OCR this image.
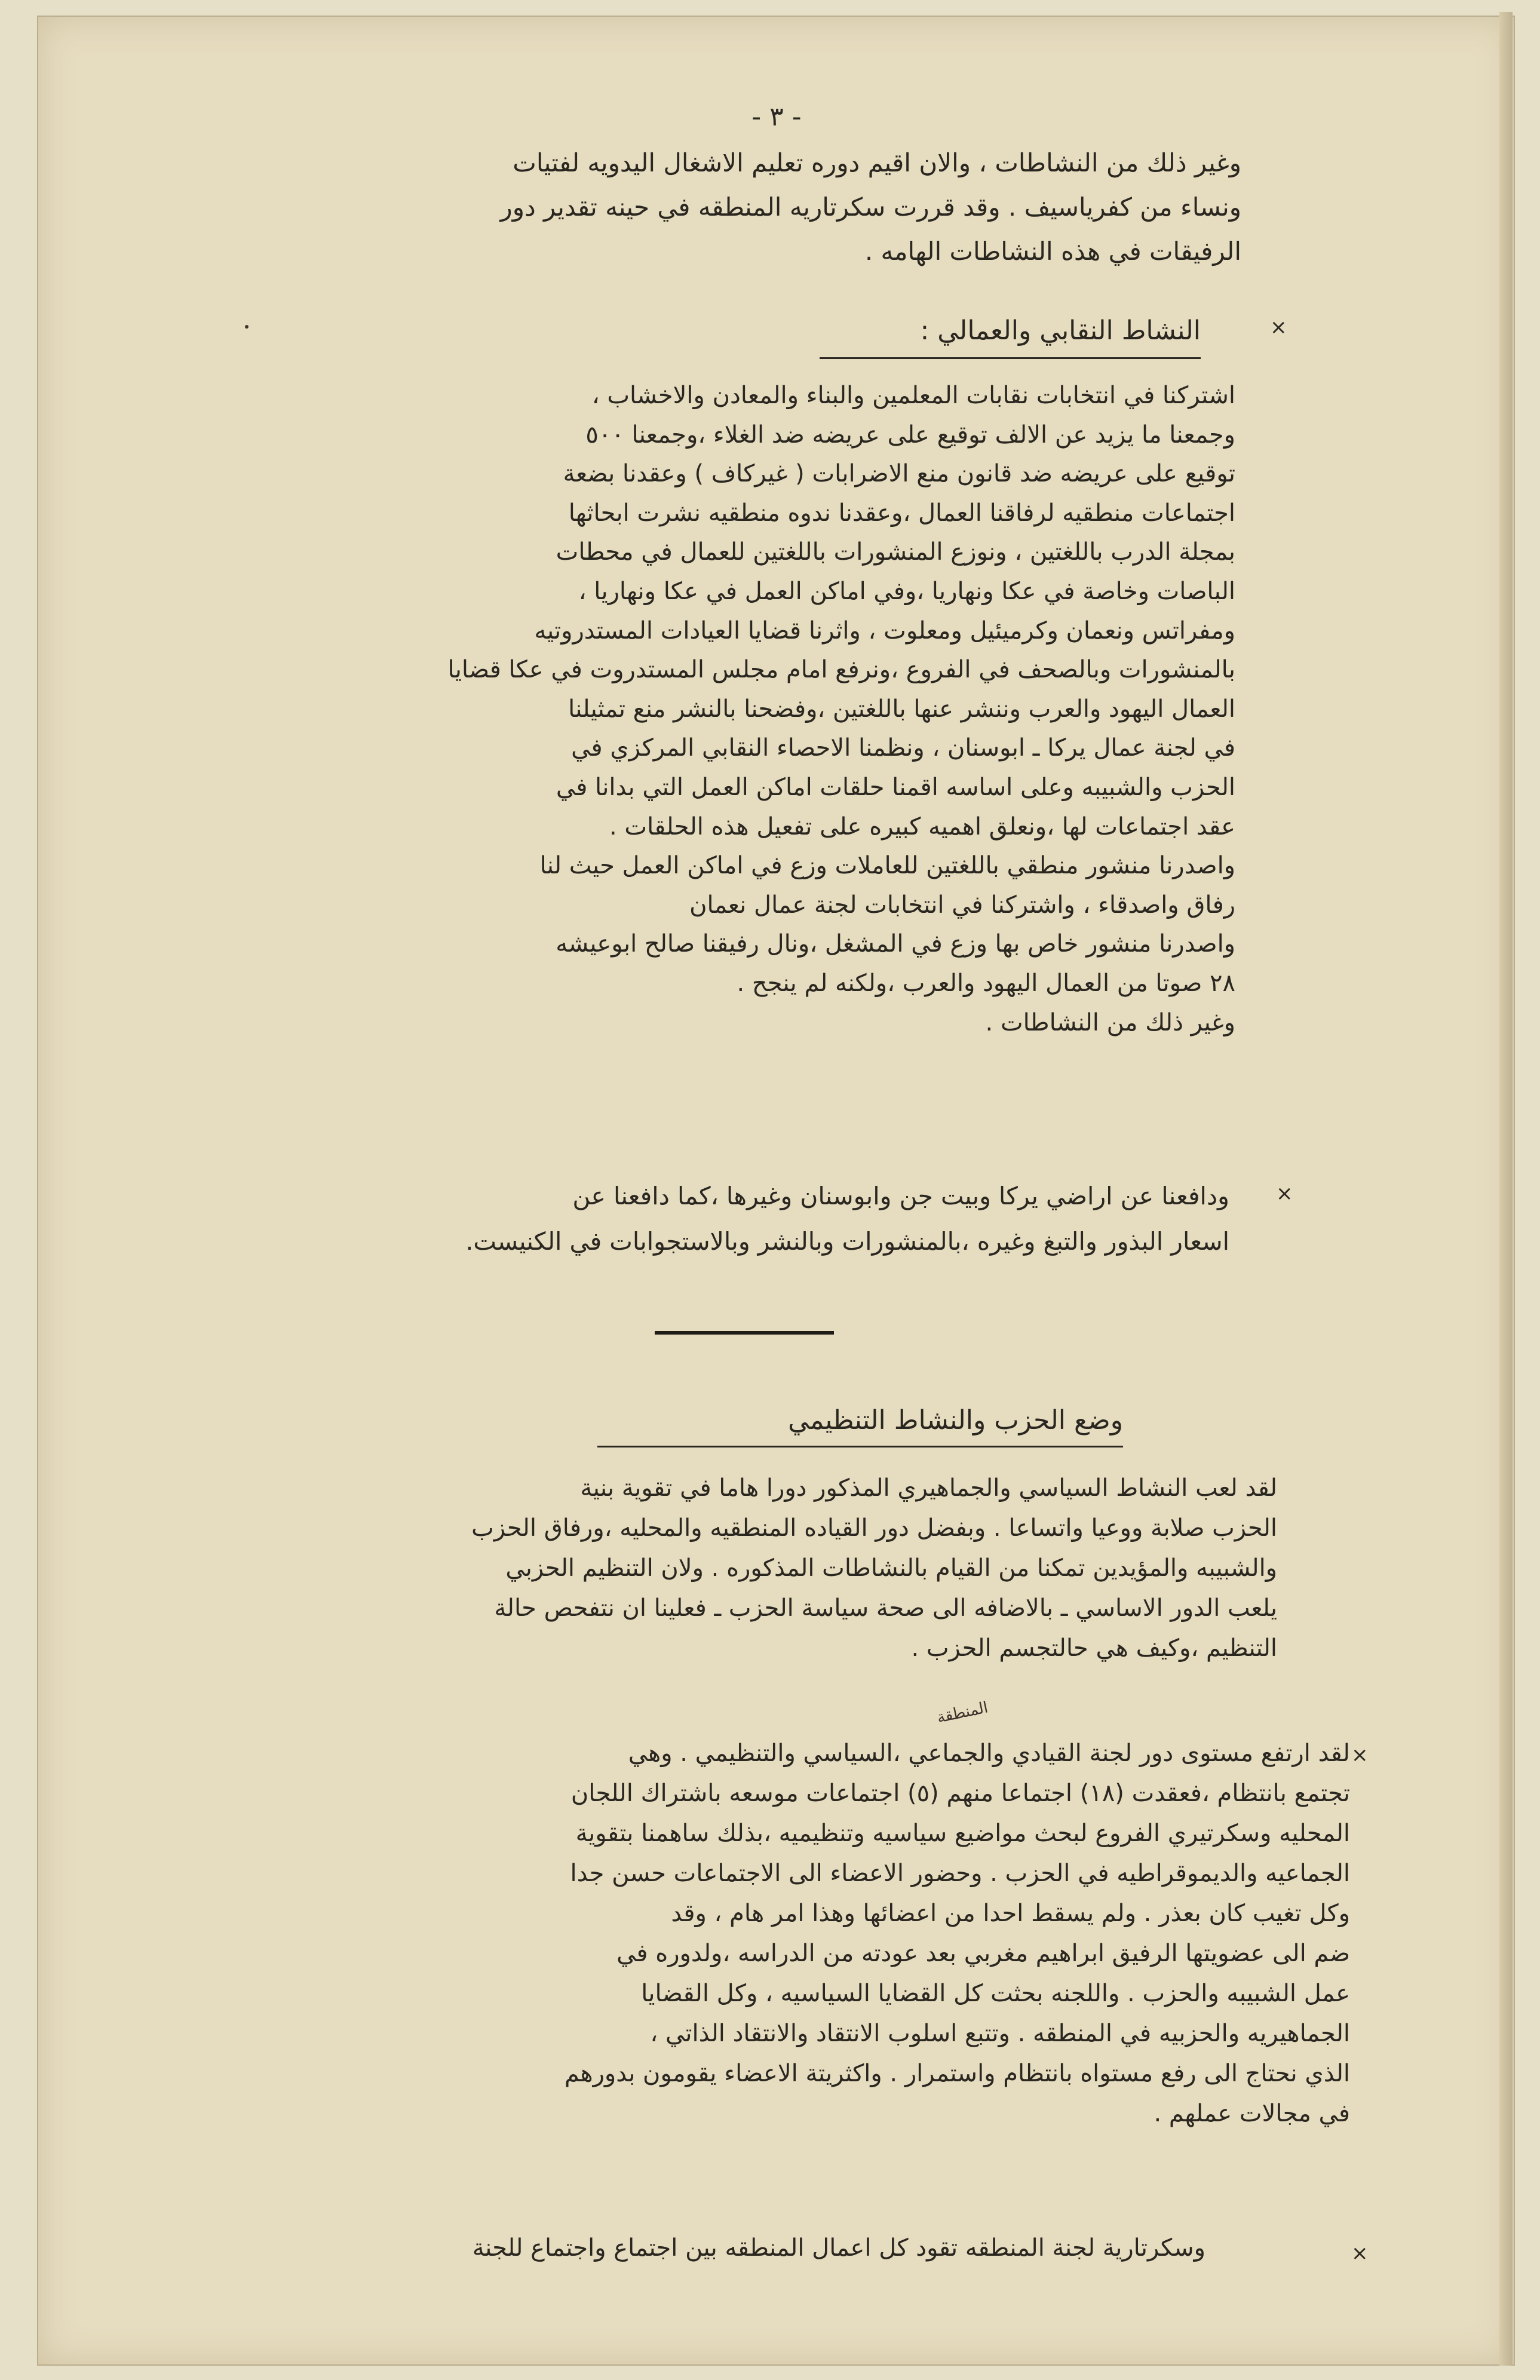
- ٣ -
وغير ذلك من النشاطات ، والان اقيم دوره تعليم الاشغال اليدويه لفتيات
ونساء من كفرياسيف . وقد قررت سكرتاريه المنطقه في حينه تقدير دور
الرفيقات في هذه النشاطات الهامه .
×
النشاط النقابي والعمالي :
اشتركنا في انتخابات نقابات المعلمين والبناء والمعادن والاخشاب ،
وجمعنا ما يزيد عن الالف توقيع على عريضه ضد الغلاء ،وجمعنا ٥٠٠
توقيع على عريضه ضد قانون منع الاضرابات ( غيركاف ) وعقدنا بضعة
اجتماعات منطقيه لرفاقنا العمال ،وعقدنا ندوه منطقيه نشرت ابحاثها
بمجلة الدرب باللغتين ، ونوزع المنشورات باللغتين للعمال في محطات
الباصات وخاصة في عكا ونهاريا ،وفي اماكن العمل في عكا ونهاريا ،
ومفراتس ونعمان وكرميئيل ومعلوت ، واثرنا قضايا العيادات المستدروتيه
بالمنشورات وبالصحف في الفروع ،ونرفع امام مجلس المستدروت في عكا قضايا
العمال اليهود والعرب وننشر عنها باللغتين ،وفضحنا بالنشر منع تمثيلنا
في لجنة عمال يركا ـ ابوسنان ، ونظمنا الاحصاء النقابي المركزي في
الحزب والشبيبه وعلى اساسه اقمنا حلقات اماكن العمل التي بدانا في
عقد اجتماعات لها ،ونعلق اهميه كبيره على تفعيل هذه الحلقات .
واصدرنا منشور منطقي باللغتين للعاملات وزع في اماكن العمل حيث لنا
رفاق واصدقاء ، واشتركنا في انتخابات لجنة عمال نعمان
واصدرنا منشور خاص بها وزع في المشغل ،ونال رفيقنا صالح ابوعيشه
٢٨ صوتا من العمال اليهود والعرب ،ولكنه لم ينجح .
وغير ذلك من النشاطات .
×
ودافعنا عن اراضي يركا وبيت جن وابوسنان وغيرها ،كما دافعنا عن
اسعار البذور والتبغ وغيره ،بالمنشورات وبالنشر وبالاستجوابات في الكنيست.
وضع الحزب والنشاط التنظيمي
لقد لعب النشاط السياسي والجماهيري المذكور دورا هاما في تقوية بنية
الحزب صلابة ووعيا واتساعا . وبفضل دور القياده المنطقيه والمحليه ،ورفاق الحزب
والشبيبه والمؤيدين تمكنا من القيام بالنشاطات المذكوره . ولان التنظيم الحزبي
يلعب الدور الاساسي ـ بالاضافه الى صحة سياسة الحزب ـ فعلينا ان نتفحص حالة
التنظيم ،وكيف هي حالتجسم الحزب .
×
المنطقة
لقد ارتفع مستوى دور لجنة القيادي والجماعي ،السياسي والتنظيمي . وهي
تجتمع بانتظام ،فعقدت (١٨) اجتماعا منهم (٥) اجتماعات موسعه باشتراك اللجان
المحليه وسكرتيري الفروع لبحث مواضيع سياسيه وتنظيميه ،بذلك ساهمنا بتقوية
الجماعيه والديموقراطيه في الحزب . وحضور الاعضاء الى الاجتماعات حسن جدا
وكل تغيب كان بعذر . ولم يسقط احدا من اعضائها وهذا امر هام ، وقد
ضم الى عضويتها الرفيق ابراهيم مغربي بعد عودته من الدراسه ،ولدوره في
عمل الشبيبه والحزب . واللجنه بحثت كل القضايا السياسيه ، وكل القضايا
الجماهيريه والحزبيه في المنطقه . وتتبع اسلوب الانتقاد والانتقاد الذاتي ،
الذي نحتاج الى رفع مستواه بانتظام واستمرار . واكثريتة الاعضاء يقومون بدورهم
في مجالات عملهم .
×
وسكرتارية لجنة المنطقه تقود كل اعمال المنطقه بين اجتماع واجتماع للجنة
